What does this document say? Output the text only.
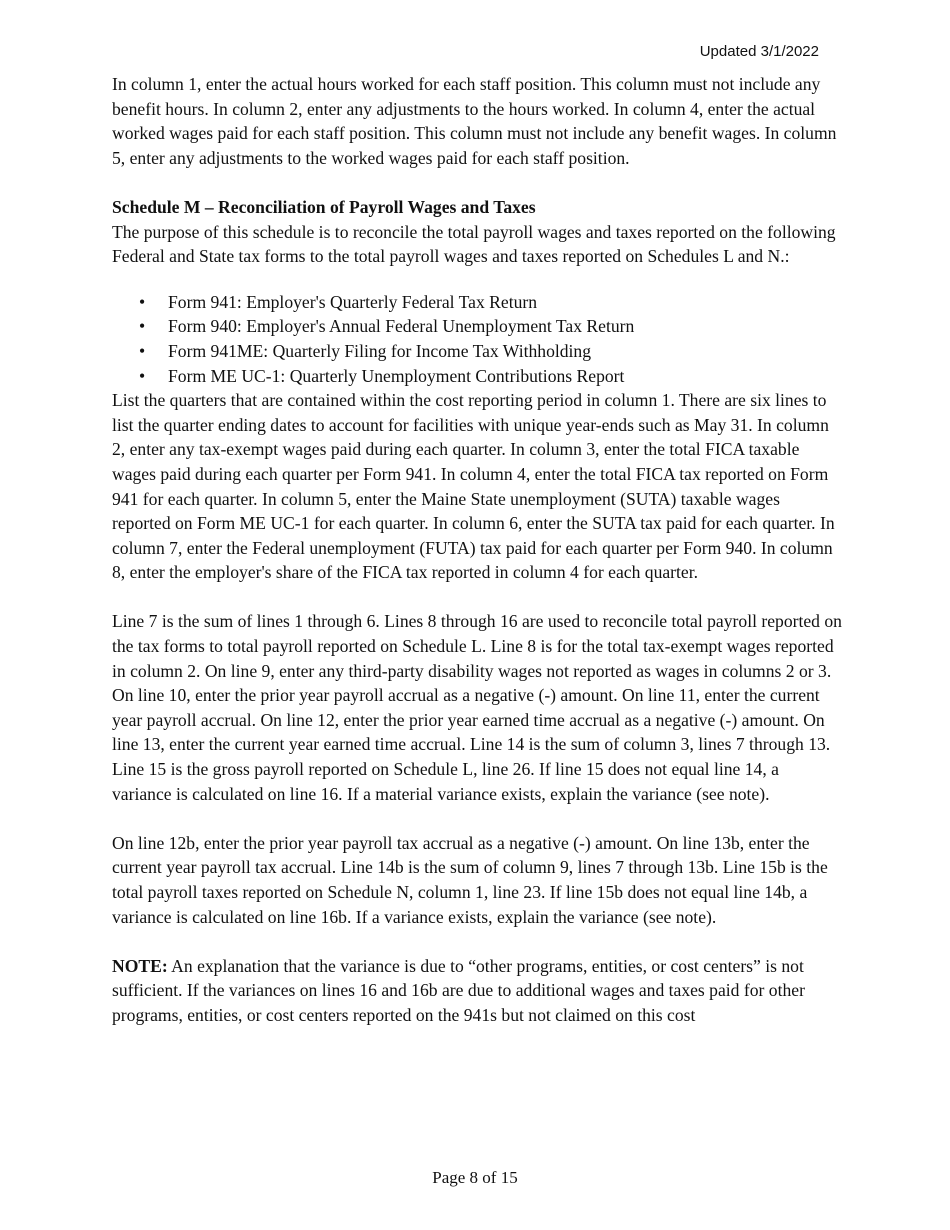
Updated 3/1/2022

In column 1, enter the actual hours worked for each staff position. This column must not include any benefit hours. In column 2, enter any adjustments to the hours worked. In column 4, enter the actual worked wages paid for each staff position. This column must not include any benefit wages. In column 5, enter any adjustments to the worked wages paid for each staff position.

Schedule M – Reconciliation of Payroll Wages and Taxes

The purpose of this schedule is to reconcile the total payroll wages and taxes reported on the following Federal and State tax forms to the total payroll wages and taxes reported on Schedules L and N.:

• Form 941: Employer's Quarterly Federal Tax Return
• Form 940: Employer's Annual Federal Unemployment Tax Return
• Form 941ME: Quarterly Filing for Income Tax Withholding
• Form ME UC-1: Quarterly Unemployment Contributions Report

List the quarters that are contained within the cost reporting period in column 1. There are six lines to list the quarter ending dates to account for facilities with unique year-ends such as May 31. In column 2, enter any tax-exempt wages paid during each quarter. In column 3, enter the total FICA taxable wages paid during each quarter per Form 941. In column 4, enter the total FICA tax reported on Form 941 for each quarter. In column 5, enter the Maine State unemployment (SUTA) taxable wages reported on Form ME UC-1 for each quarter. In column 6, enter the SUTA tax paid for each quarter. In column 7, enter the Federal unemployment (FUTA) tax paid for each quarter per Form 940. In column 8, enter the employer's share of the FICA tax reported in column 4 for each quarter.

Line 7 is the sum of lines 1 through 6. Lines 8 through 16 are used to reconcile total payroll reported on the tax forms to total payroll reported on Schedule L. Line 8 is for the total tax-exempt wages reported in column 2. On line 9, enter any third-party disability wages not reported as wages in columns 2 or 3. On line 10, enter the prior year payroll accrual as a negative (-) amount. On line 11, enter the current year payroll accrual. On line 12, enter the prior year earned time accrual as a negative (-) amount. On line 13, enter the current year earned time accrual. Line 14 is the sum of column 3, lines 7 through 13. Line 15 is the gross payroll reported on Schedule L, line 26. If line 15 does not equal line 14, a variance is calculated on line 16. If a material variance exists, explain the variance (see note).

On line 12b, enter the prior year payroll tax accrual as a negative (-) amount. On line 13b, enter the current year payroll tax accrual. Line 14b is the sum of column 9, lines 7 through 13b. Line 15b is the total payroll taxes reported on Schedule N, column 1, line 23. If line 15b does not equal line 14b, a variance is calculated on line 16b. If a variance exists, explain the variance (see note).

NOTE: An explanation that the variance is due to “other programs, entities, or cost centers” is not sufficient. If the variances on lines 16 and 16b are due to additional wages and taxes paid for other programs, entities, or cost centers reported on the 941s but not claimed on this cost

Page 8 of 15
